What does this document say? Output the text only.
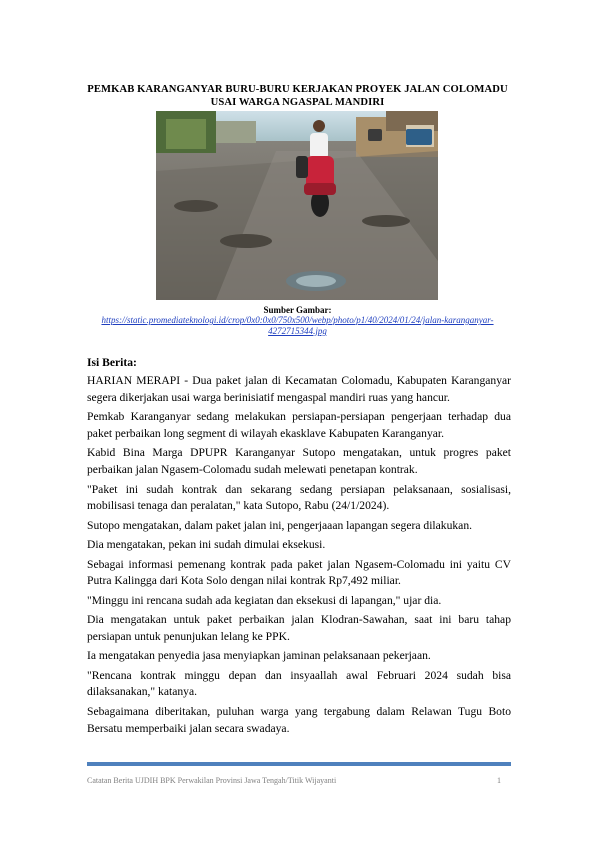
PEMKAB KARANGANYAR BURU-BURU KERJAKAN PROYEK JALAN COLOMADU USAI WARGA NGASPAL MANDIRI
Sumber Gambar:
https://static.promediateknologi.id/crop/0x0:0x0/750x500/webp/photo/p1/40/2024/01/24/jalan-karanganyar-4272715344.jpg
Isi Berita:

HARIAN MERAPI - Dua paket jalan di Kecamatan Colomadu, Kabupaten Karanganyar segera dikerjakan usai warga berinisiatif mengaspal mandiri ruas yang hancur.

Pemkab Karanganyar sedang melakukan persiapan-persiapan pengerjaan terhadap dua paket perbaikan long segment di wilayah ekasklave Kabupaten Karanganyar.

Kabid Bina Marga DPUPR Karanganyar Sutopo mengatakan, untuk progres paket perbaikan jalan Ngasem-Colomadu sudah melewati penetapan kontrak.

"Paket ini sudah kontrak dan sekarang sedang persiapan pelaksanaan, sosialisasi, mobilisasi tenaga dan peralatan," kata Sutopo, Rabu (24/1/2024).

Sutopo mengatakan, dalam paket jalan ini, pengerjaaan lapangan segera dilakukan.

Dia mengatakan, pekan ini sudah dimulai eksekusi.

Sebagai informasi pemenang kontrak pada paket jalan Ngasem-Colomadu ini yaitu CV Putra Kalingga dari Kota Solo dengan nilai kontrak Rp7,492 miliar.

"Minggu ini rencana sudah ada kegiatan dan eksekusi di lapangan," ujar dia.

Dia mengatakan untuk paket perbaikan jalan Klodran-Sawahan, saat ini baru tahap persiapan untuk penunjukan lelang ke PPK.

Ia mengatakan penyedia jasa menyiapkan jaminan pelaksanaan pekerjaan.

"Rencana kontrak minggu depan dan insyaallah awal Februari 2024 sudah bisa dilaksanakan," katanya.

Sebagaimana diberitakan, puluhan warga yang tergabung dalam Relawan Tugu Boto Bersatu memperbaiki jalan secara swadaya.

Catatan Berita UJDIH BPK Perwakilan Provinsi Jawa Tengah/Titik Wijayanti	1
